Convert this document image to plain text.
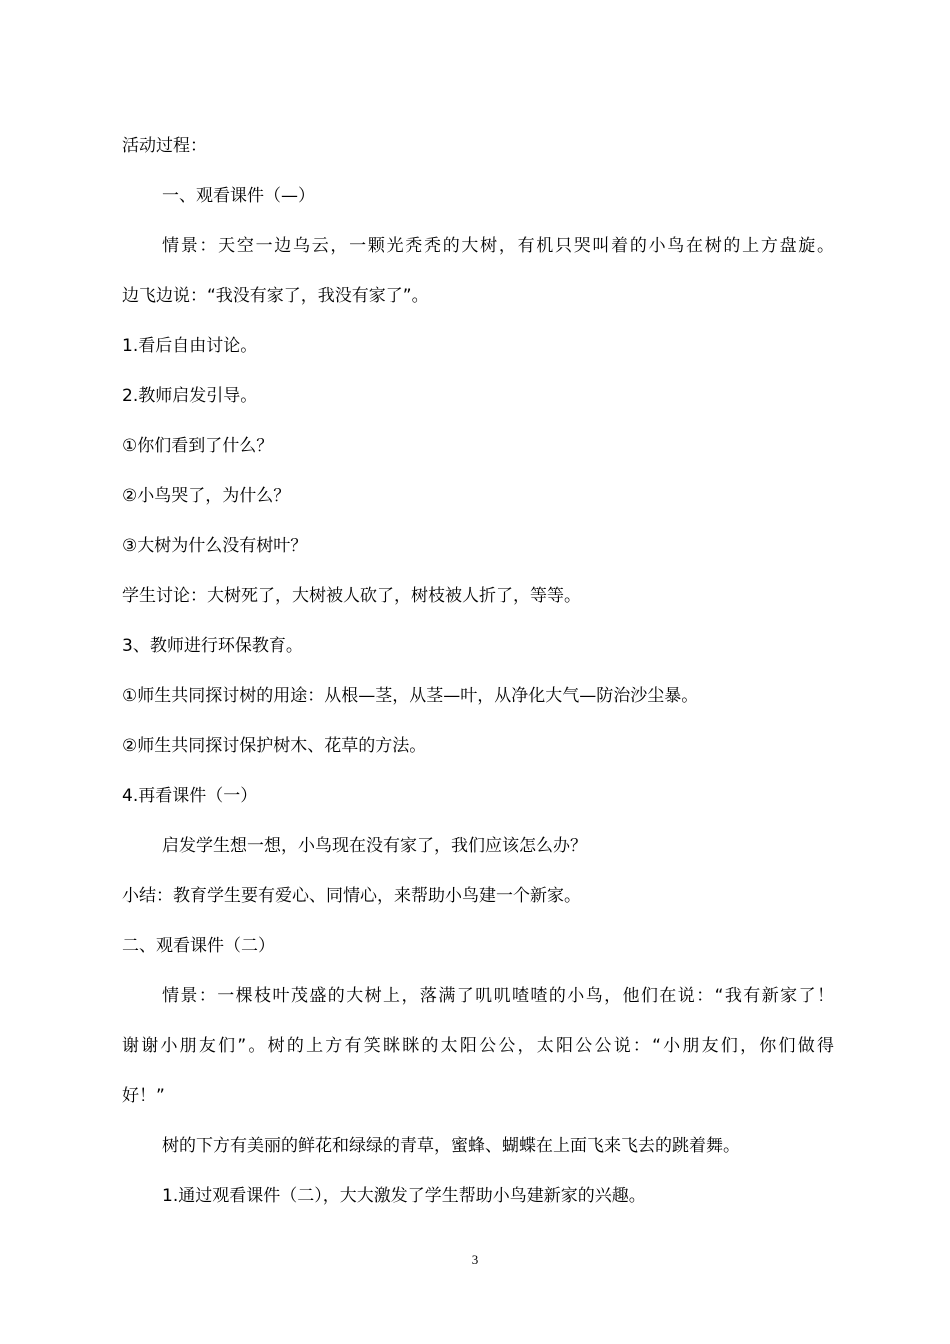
活动过程：
一、观看课件（—）
情景：天空一边乌云，一颗光秃秃的大树，有机只哭叫着的小鸟在树的上方盘旋。
边飞边说：“我没有家了，我没有家了”。
1.看后自由讨论。
2.教师启发引导。
①你们看到了什么？
②小鸟哭了，为什么？
③大树为什么没有树叶？
学生讨论：大树死了，大树被人砍了，树枝被人折了，等等。
3、教师进行环保教育。
①师生共同探讨树的用途：从根—茎，从茎—叶，从净化大气—防治沙尘暴。
②师生共同探讨保护树木、花草的方法。
4.再看课件（一）
启发学生想一想，小鸟现在没有家了，我们应该怎么办？
小结：教育学生要有爱心、同情心，来帮助小鸟建一个新家。
二、观看课件（二）
情景：一棵枝叶茂盛的大树上，落满了叽叽喳喳的小鸟，他们在说：“我有新家了！
谢谢小朋友们”。树的上方有笑眯眯的太阳公公，太阳公公说：“小朋友们，你们做得
好！”
树的下方有美丽的鲜花和绿绿的青草，蜜蜂、蝴蝶在上面飞来飞去的跳着舞。
1.通过观看课件（二），大大激发了学生帮助小鸟建新家的兴趣。
3
